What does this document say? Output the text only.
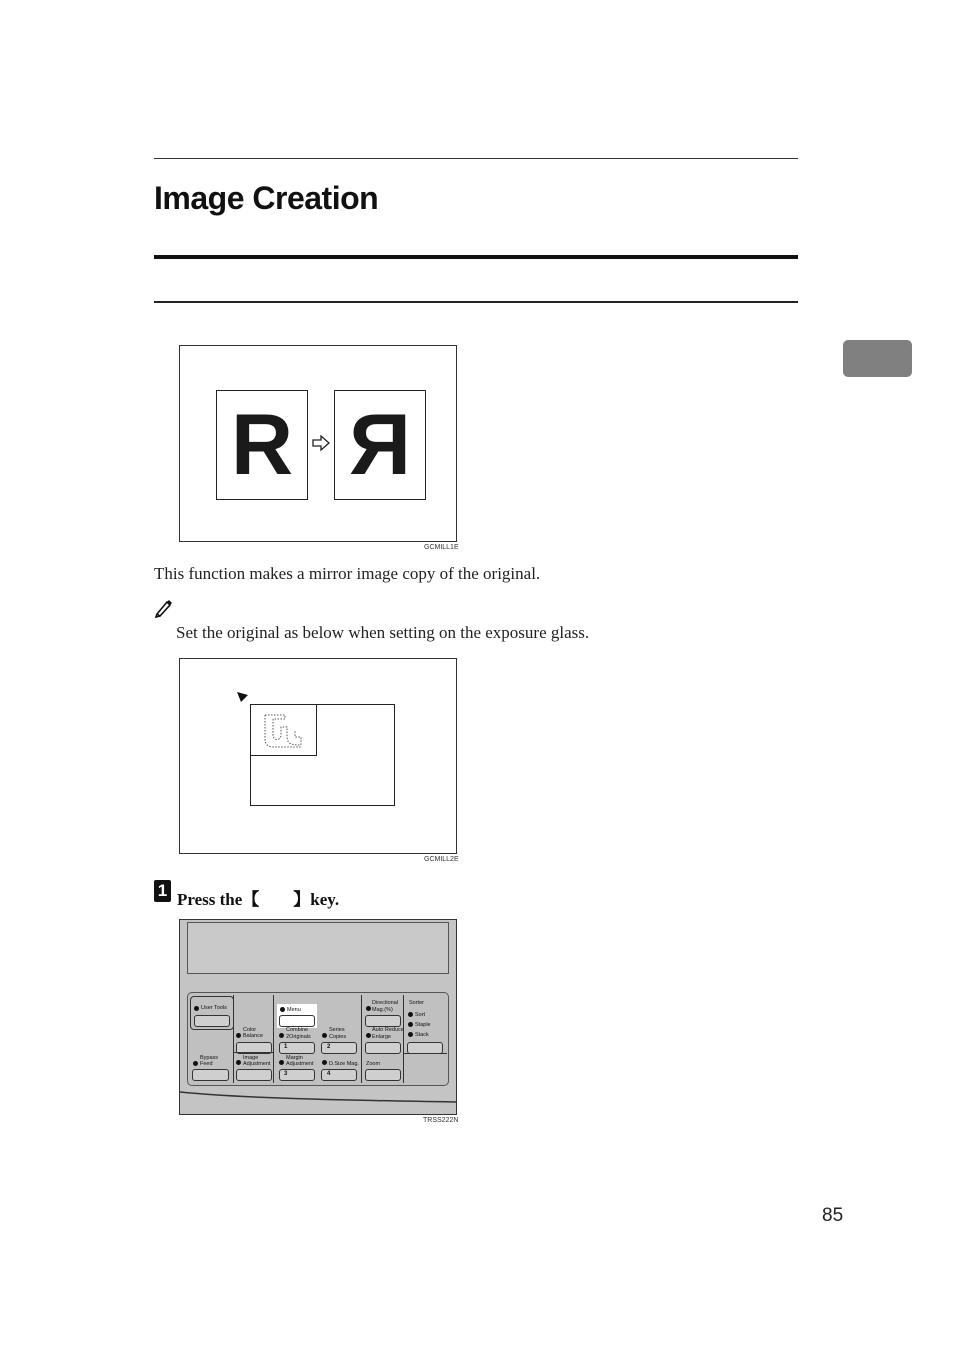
Image Creation
R Я
GCMILL1E
This function makes a mirror image copy of the original.
Set the original as below when setting on the exposure glass.
GCMILL2E
1 Press the【　　】key.
User Tools
Bypass
Feed
Color
Balance
Image
Adjustment
Menu
Combine
2Originals
1
Series
Copies
2
Margin
Adjustment
3
D.Size Mag.
4
Directional
Mag.(%)
Auto Reduce
Enlarge
Zoom
Sorter
Sort
Staple
Stack
TRSS222N
85
